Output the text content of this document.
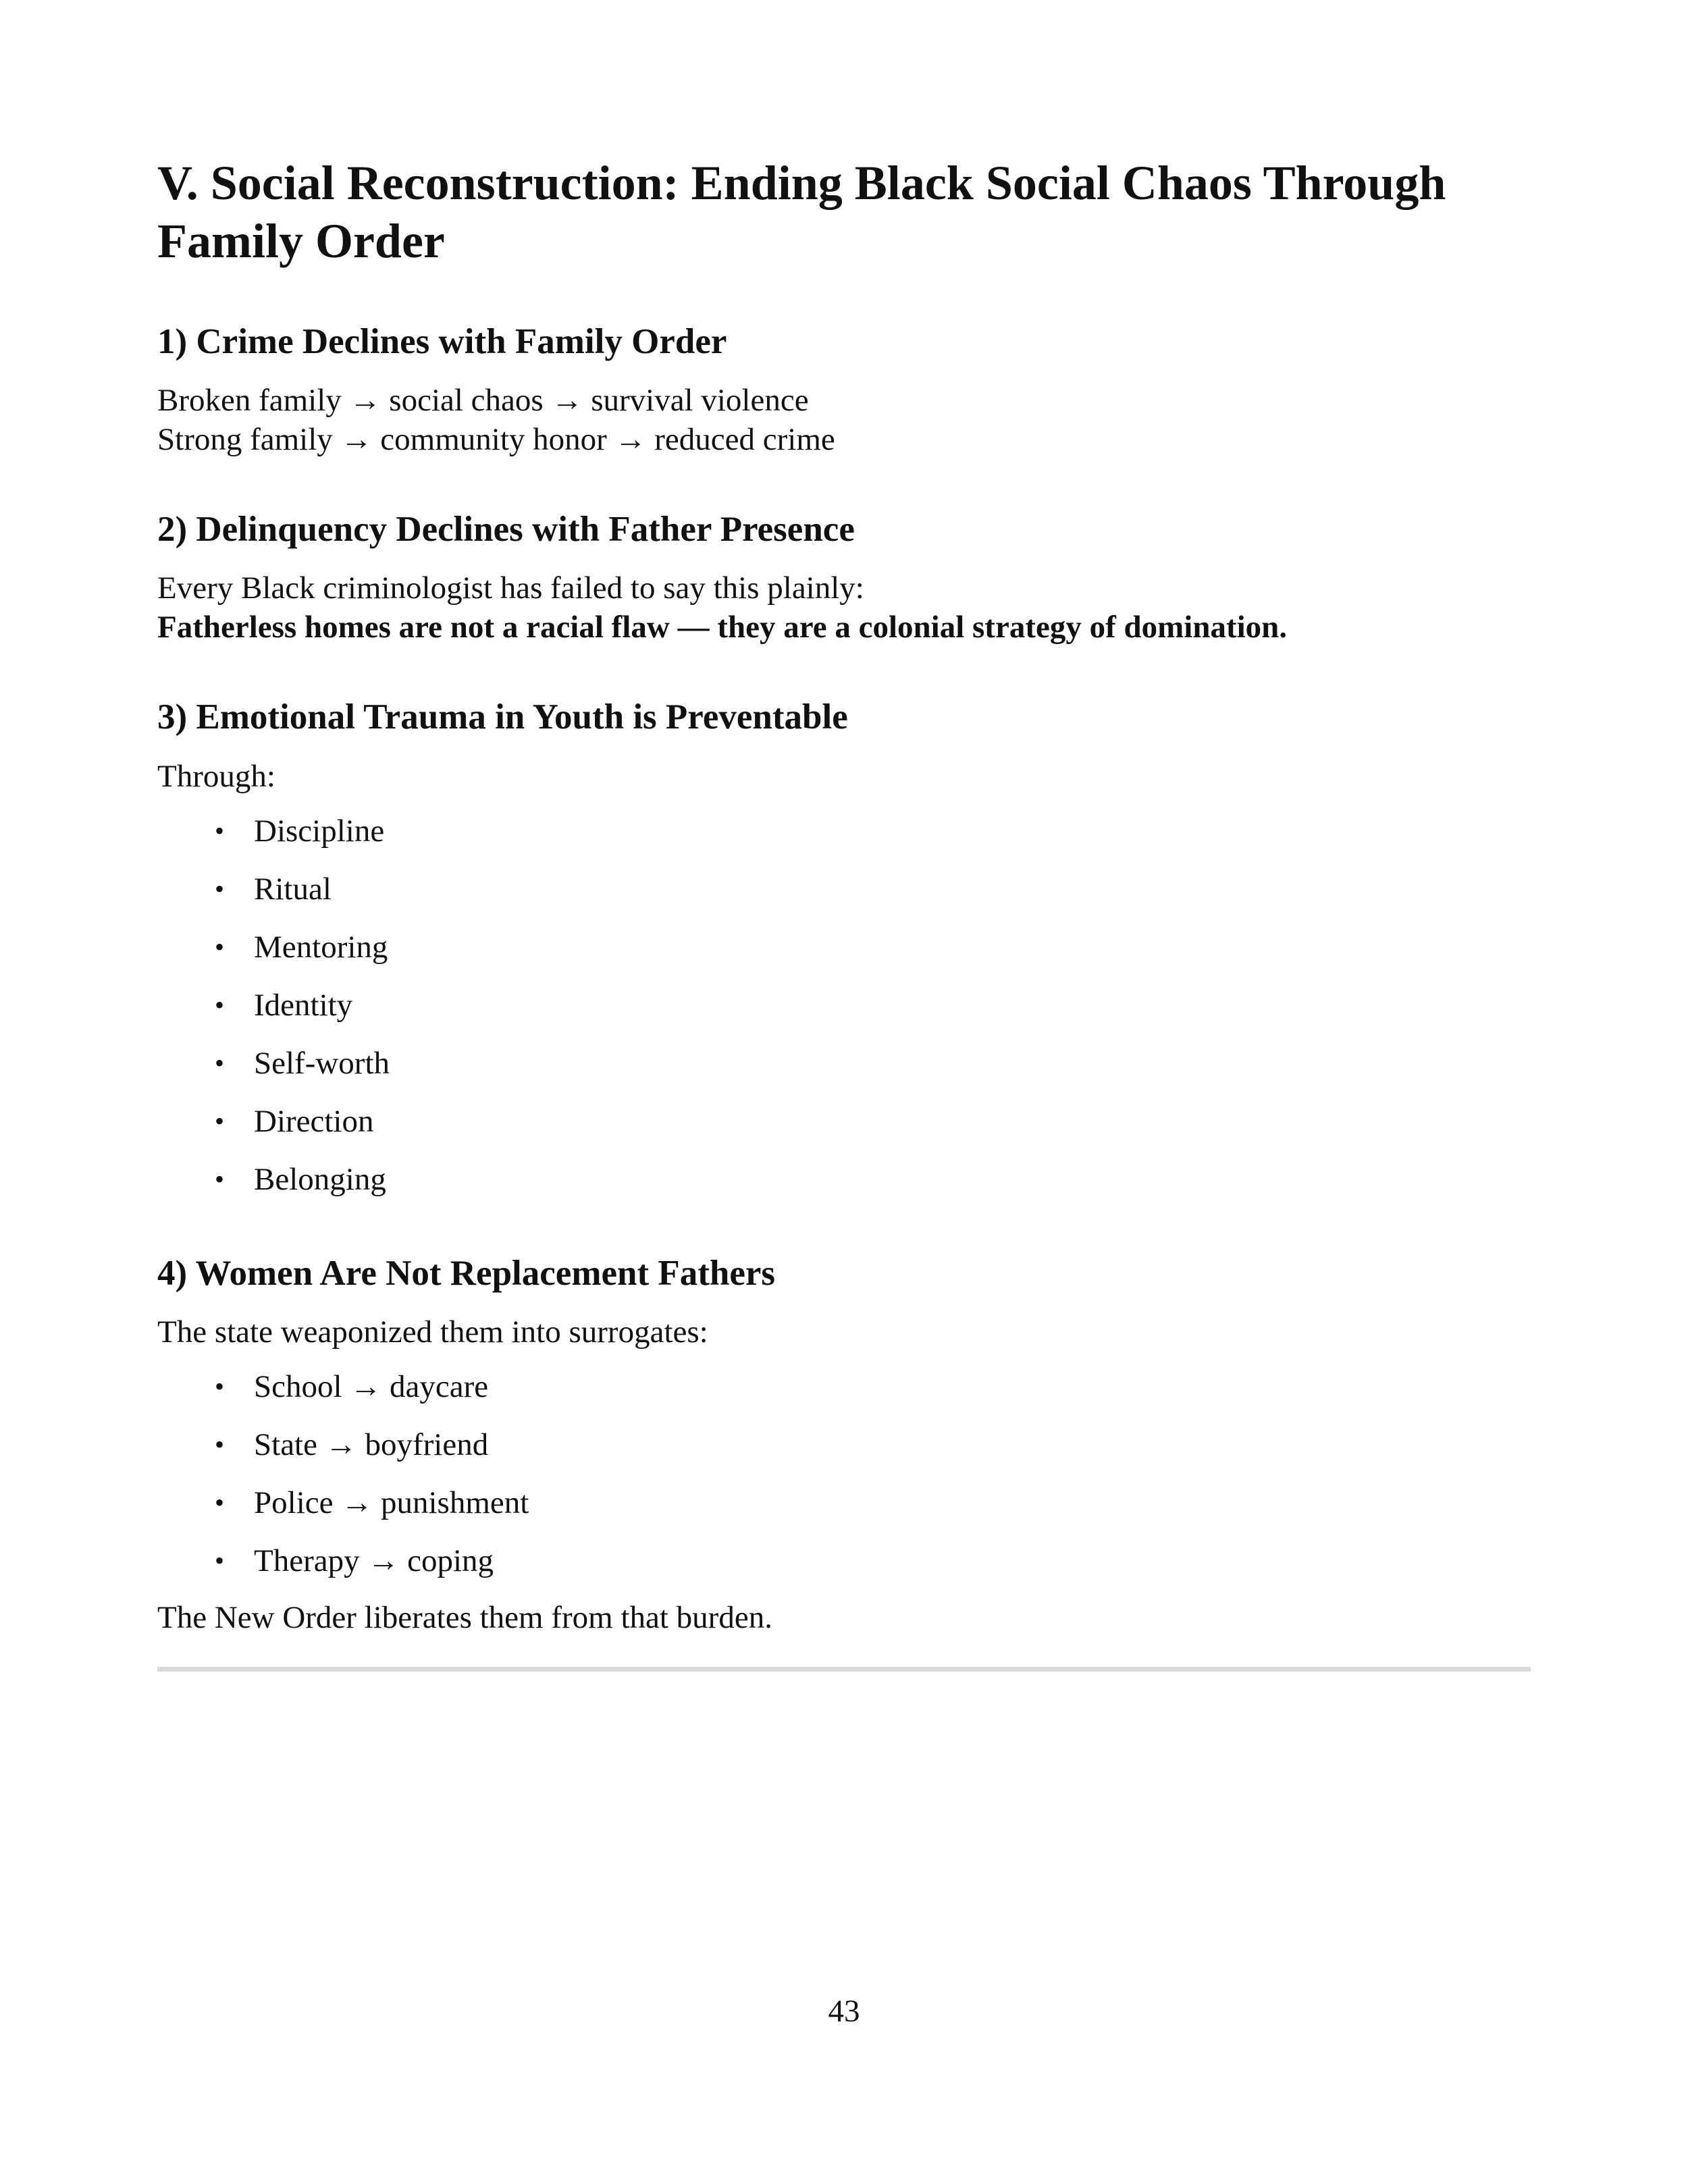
V. Social Reconstruction: Ending Black Social Chaos Through Family Order
1) Crime Declines with Family Order

Broken family → social chaos → survival violence

Strong family → community honor → reduced crime

2) Delinquency Declines with Father Presence

Every Black criminologist has failed to say this plainly:

Fatherless homes are not a racial flaw — they are a colonial strategy of domination.

3) Emotional Trauma in Youth is Preventable

Through:

• Discipline
• Ritual
• Mentoring
• Identity
• Self-worth
• Direction
• Belonging
4) Women Are Not Replacement Fathers

The state weaponized them into surrogates:

• School → daycare
• State → boyfriend
• Police → punishment
• Therapy → coping

The New Order liberates them from that burden.

43
